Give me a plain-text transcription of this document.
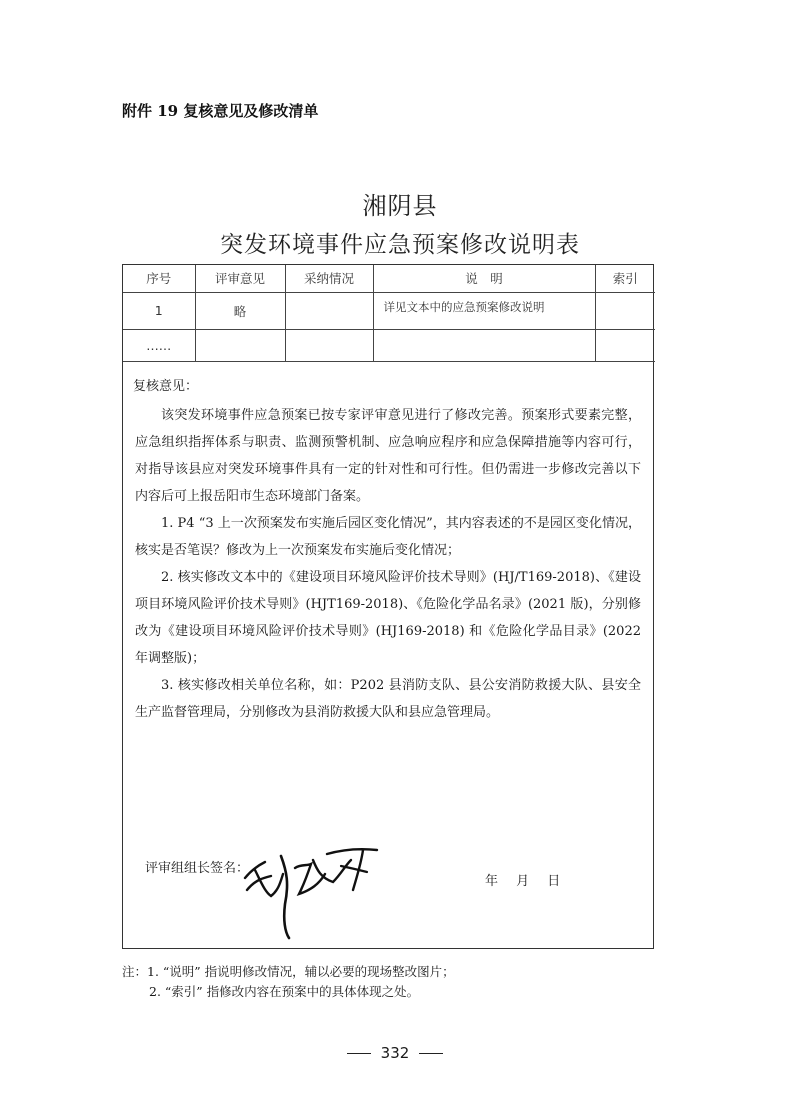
附件 19 复核意见及修改清单
湘阴县
突发环境事件应急预案修改说明表
序号	评审意见	采纳情况	说　明	索引
1	略		详见文本中的应急预案修改说明	
……				
复核意见：

该突发环境事件应急预案已按专家评审意见进行了修改完善。预案形式要素完整，应急组织指挥体系与职责、监测预警机制、应急响应程序和应急保障措施等内容可行，对指导该县应对突发环境事件具有一定的针对性和可行性。但仍需进一步修改完善以下内容后可上报岳阳市生态环境部门备案。

1. P4 “3 上一次预案发布实施后园区变化情况”，其内容表述的不是园区变化情况，核实是否笔误？修改为上一次预案发布实施后变化情况；

2. 核实修改文本中的《建设项目环境风险评价技术导则》(HJ/T169-2018)、《建设项目环境风险评价技术导则》(HJT169-2018)、《危险化学品名录》(2021 版)，分别修改为《建设项目环境风险评价技术导则》(HJ169-2018) 和《危险化学品目录》(2022 年调整版)；

3. 核实修改相关单位名称，如：P202 县消防支队、县公安消防救援大队、县安全生产监督管理局，分别修改为县消防救援大队和县应急管理局。

评审组组长签名：
年 月 日
注：1. “说明” 指说明修改情况，辅以必要的现场整改图片；
2. “索引” 指修改内容在预案中的具体体现之处。
332
